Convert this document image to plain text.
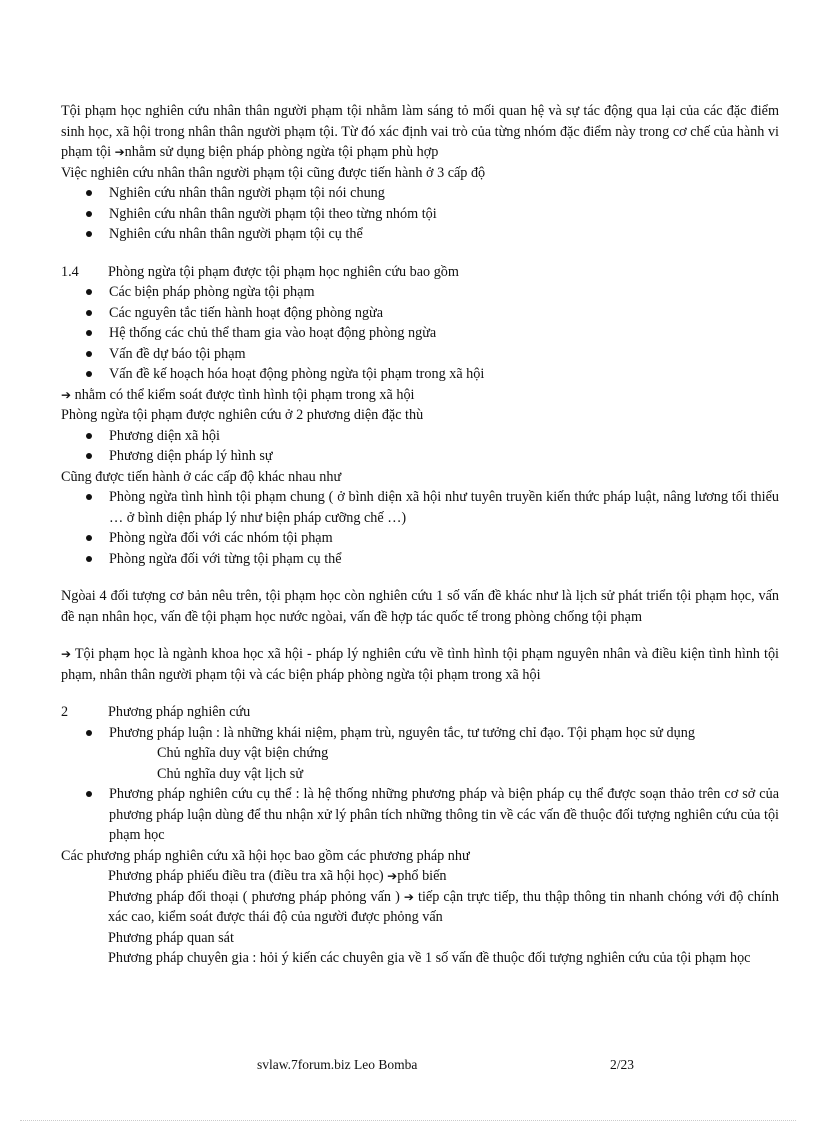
Tội phạm học nghiên cứu nhân thân người phạm tội nhằm làm sáng tỏ mối quan hệ và sự tác động qua lại của các đặc điểm sinh học, xã hội trong nhân thân người phạm tội. Từ đó xác định vai trò của từng nhóm đặc điểm này trong cơ chế của hành vi phạm tội ➔nhằm sử dụng biện pháp phòng ngừa tội phạm phù hợp

Việc nghiên cứu nhân thân người phạm tội cũng được tiến hành ở 3 cấp độ

Nghiên cứu nhân thân người phạm tội nói chung
Nghiên cứu nhân thân người phạm tội theo từng nhóm tội
Nghiên cứu nhân thân người phạm tội cụ thể
1.4	Phòng ngừa tội phạm được tội phạm học nghiên cứu bao gồm
Các biện pháp phòng ngừa tội phạm
Các nguyên tắc tiến hành hoạt động phòng ngừa
Hệ thống các chủ thể tham gia vào hoạt động phòng ngừa
Vấn đề dự báo tội phạm
Vấn đề kế hoạch hóa hoạt động phòng ngừa tội phạm trong xã hội

➔ nhằm có thể kiểm soát được tình hình tội phạm trong xã hội

Phòng ngừa tội phạm được nghiên cứu ở 2 phương diện đặc thù

Phương diện xã hội
Phương diện pháp lý hình sự

Cũng được tiến hành ở các cấp độ khác nhau như

Phòng ngừa tình hình tội phạm chung ( ở bình diện xã hội như tuyên truyền kiến thức pháp luật, nâng lương tối thiểu … ở bình diện pháp lý như biện pháp cưỡng chế …)
Phòng ngừa đối với các nhóm tội phạm
Phòng ngừa đối với từng tội phạm cụ thể

Ngòai 4 đối tượng cơ bản nêu trên, tội phạm học còn nghiên cứu 1 số vấn đề khác như là lịch sử phát triển tội phạm học, vấn đề nạn nhân học, vấn đề tội phạm học nước ngòai, vấn đề hợp tác quốc tế trong phòng chống tội phạm

➔ Tội phạm học là ngành khoa học xã hội - pháp lý nghiên cứu về tình hình tội phạm nguyên nhân và điều kiện tình hình tội phạm, nhân thân người phạm tội và các biện pháp phòng ngừa tội phạm trong xã hội

2	Phương pháp nghiên cứu
Phương pháp luận : là những khái niệm, phạm trù, nguyên tắc, tư tưởng chỉ đạo. Tội phạm học sử dụng

Chủ nghĩa duy vật biện chứng

Chủ nghĩa duy vật lịch sử

Phương pháp nghiên cứu cụ thể : là hệ thống những phương pháp và biện pháp cụ thể được soạn thảo trên cơ sở của phương pháp luận dùng để thu nhận xử lý phân tích những thông tin về các vấn đề thuộc đối tượng nghiên cứu của tội phạm học

Các phương pháp nghiên cứu xã hội học bao gồm các phương pháp như

Phương pháp phiếu điều tra (điều tra xã hội học) ➔phổ biến

Phương pháp đối thoại ( phương pháp phỏng vấn ) ➔ tiếp cận trực tiếp, thu thập thông tin nhanh chóng với độ chính xác cao, kiểm soát được thái độ của người được phỏng vấn

Phương pháp quan sát

Phương pháp chuyên gia : hỏi ý kiến các chuyên gia về 1 số vấn đề thuộc đối tượng nghiên cứu của tội phạm học

svlaw.7forum.biz Leo Bomba	2/23
